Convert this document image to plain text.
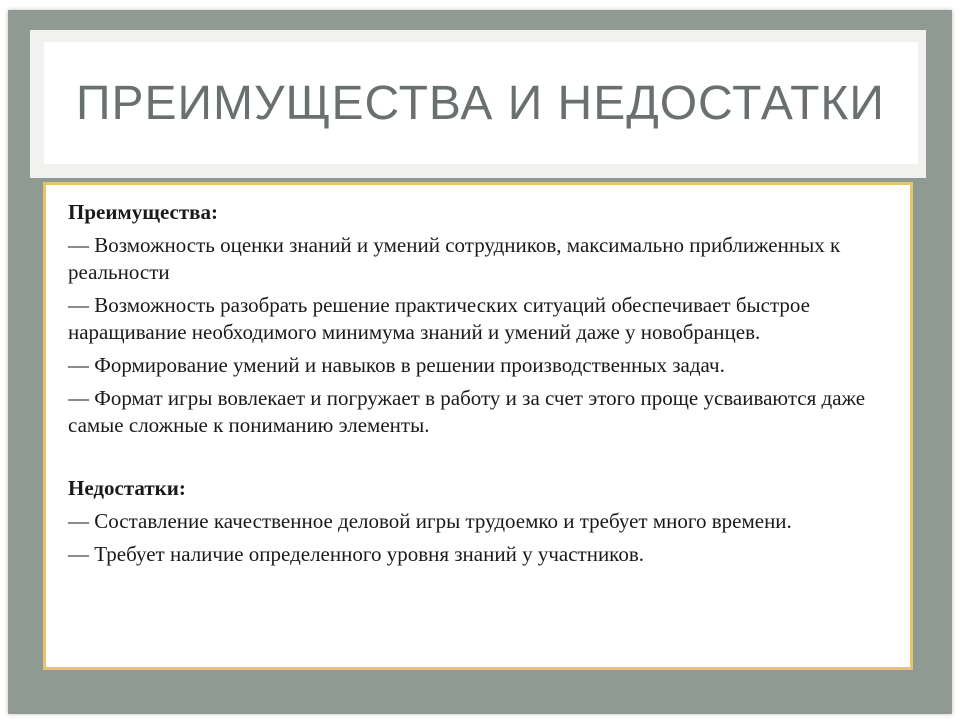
ПРЕИМУЩЕСТВА И НЕДОСТАТКИ

Преимущества:

— Возможность оценки знаний и умений сотрудников, максимально приближенных к реальности

— Возможность разобрать решение практических ситуаций обеспечивает быстрое наращивание необходимого минимума знаний и умений даже у новобранцев.

— Формирование умений и навыков в решении производственных задач.

— Формат игры вовлекает и погружает в работу и за счет этого проще усваиваются даже самые сложные к пониманию элементы.

Недостатки:

— Составление качественное деловой игры трудоемко и требует много времени.

— Требует наличие определенного уровня знаний у участников.
